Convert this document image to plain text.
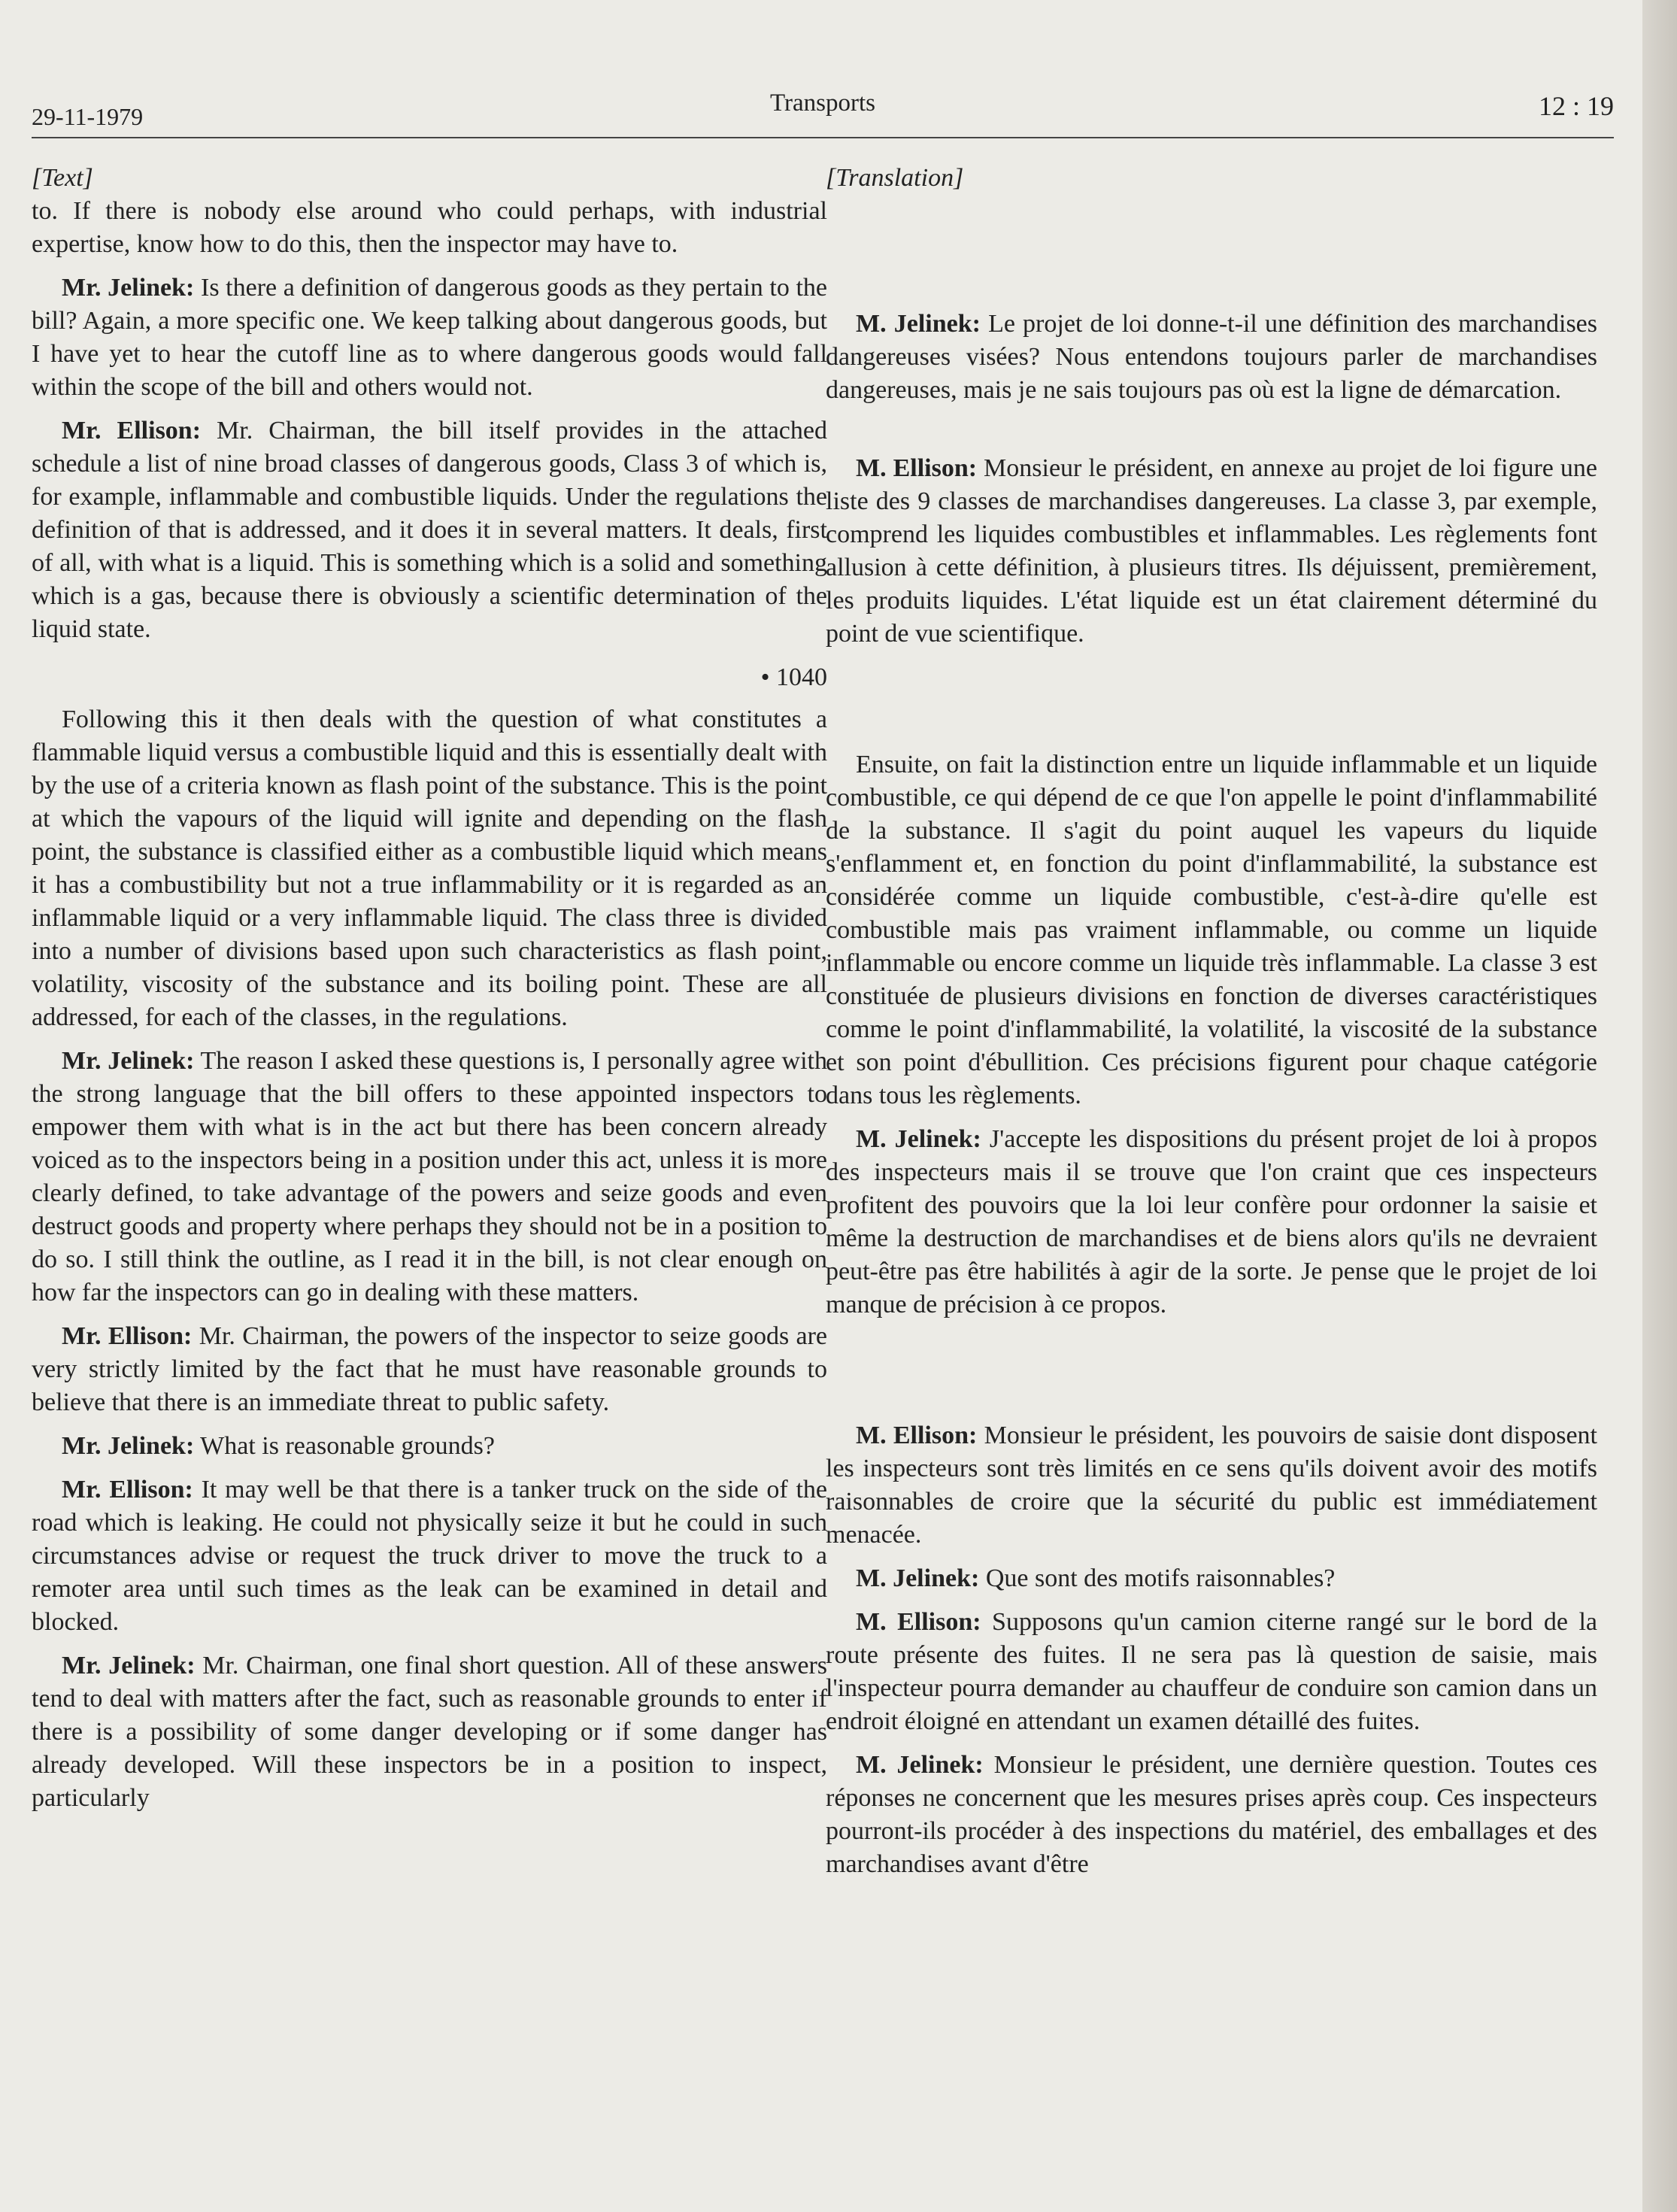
29-11-1979	Transports	12 : 19
[Text]

to. If there is nobody else around who could perhaps, with industrial expertise, know how to do this, then the inspector may have to.

Mr. Jelinek: Is there a definition of dangerous goods as they pertain to the bill? Again, a more specific one. We keep talking about dangerous goods, but I have yet to hear the cutoff line as to where dangerous goods would fall within the scope of the bill and others would not.

Mr. Ellison: Mr. Chairman, the bill itself provides in the attached schedule a list of nine broad classes of dangerous goods, Class 3 of which is, for example, inflammable and combustible liquids. Under the regulations the definition of that is addressed, and it does it in several matters. It deals, first of all, with what is a liquid. This is something which is a solid and something which is a gas, because there is obviously a scientific determination of the liquid state.

• 1040

Following this it then deals with the question of what constitutes a flammable liquid versus a combustible liquid and this is essentially dealt with by the use of a criteria known as flash point of the substance. This is the point at which the vapours of the liquid will ignite and depending on the flash point, the substance is classified either as a combustible liquid which means it has a combustibility but not a true inflammability or it is regarded as an inflammable liquid or a very inflammable liquid. The class three is divided into a number of divisions based upon such characteristics as flash point, volatility, viscosity of the substance and its boiling point. These are all addressed, for each of the classes, in the regulations.

Mr. Jelinek: The reason I asked these questions is, I personally agree with the strong language that the bill offers to these appointed inspectors to empower them with what is in the act but there has been concern already voiced as to the inspectors being in a position under this act, unless it is more clearly defined, to take advantage of the powers and seize goods and even destruct goods and property where perhaps they should not be in a position to do so. I still think the outline, as I read it in the bill, is not clear enough on how far the inspectors can go in dealing with these matters.

Mr. Ellison: Mr. Chairman, the powers of the inspector to seize goods are very strictly limited by the fact that he must have reasonable grounds to believe that there is an immediate threat to public safety.

Mr. Jelinek: What is reasonable grounds?

Mr. Ellison: It may well be that there is a tanker truck on the side of the road which is leaking. He could not physically seize it but he could in such circumstances advise or request the truck driver to move the truck to a remoter area until such times as the leak can be examined in detail and blocked.

Mr. Jelinek: Mr. Chairman, one final short question. All of these answers tend to deal with matters after the fact, such as reasonable grounds to enter if there is a possibility of some danger developing or if some danger has already developed. Will these inspectors be in a position to inspect, particularly

[Translation]

M. Jelinek: Le projet de loi donne-t-il une définition des marchandises dangereuses visées? Nous entendons toujours parler de marchandises dangereuses, mais je ne sais toujours pas où est la ligne de démarcation.

M. Ellison: Monsieur le président, en annexe au projet de loi figure une liste des 9 classes de marchandises dangereuses. La classe 3, par exemple, comprend les liquides combustibles et inflammables. Les règlements font allusion à cette définition, à plusieurs titres. Ils déjuissent, premièrement, les produits liquides. L'état liquide est un état clairement déterminé du point de vue scientifique.

Ensuite, on fait la distinction entre un liquide inflammable et un liquide combustible, ce qui dépend de ce que l'on appelle le point d'inflammabilité de la substance. Il s'agit du point auquel les vapeurs du liquide s'enflamment et, en fonction du point d'inflammabilité, la substance est considérée comme un liquide combustible, c'est-à-dire qu'elle est combustible mais pas vraiment inflammable, ou comme un liquide inflammable ou encore comme un liquide très inflammable. La classe 3 est constituée de plusieurs divisions en fonction de diverses caractéristiques comme le point d'inflammabilité, la volatilité, la viscosité de la substance et son point d'ébullition. Ces précisions figurent pour chaque catégorie dans tous les règlements.

M. Jelinek: J'accepte les dispositions du présent projet de loi à propos des inspecteurs mais il se trouve que l'on craint que ces inspecteurs profitent des pouvoirs que la loi leur confère pour ordonner la saisie et même la destruction de marchandises et de biens alors qu'ils ne devraient peut-être pas être habilités à agir de la sorte. Je pense que le projet de loi manque de précision à ce propos.

M. Ellison: Monsieur le président, les pouvoirs de saisie dont disposent les inspecteurs sont très limités en ce sens qu'ils doivent avoir des motifs raisonnables de croire que la sécurité du public est immédiatement menacée.

M. Jelinek: Que sont des motifs raisonnables?

M. Ellison: Supposons qu'un camion citerne rangé sur le bord de la route présente des fuites. Il ne sera pas là question de saisie, mais l'inspecteur pourra demander au chauffeur de conduire son camion dans un endroit éloigné en attendant un examen détaillé des fuites.

M. Jelinek: Monsieur le président, une dernière question. Toutes ces réponses ne concernent que les mesures prises après coup. Ces inspecteurs pourront-ils procéder à des inspections du matériel, des emballages et des marchandises avant d'être
